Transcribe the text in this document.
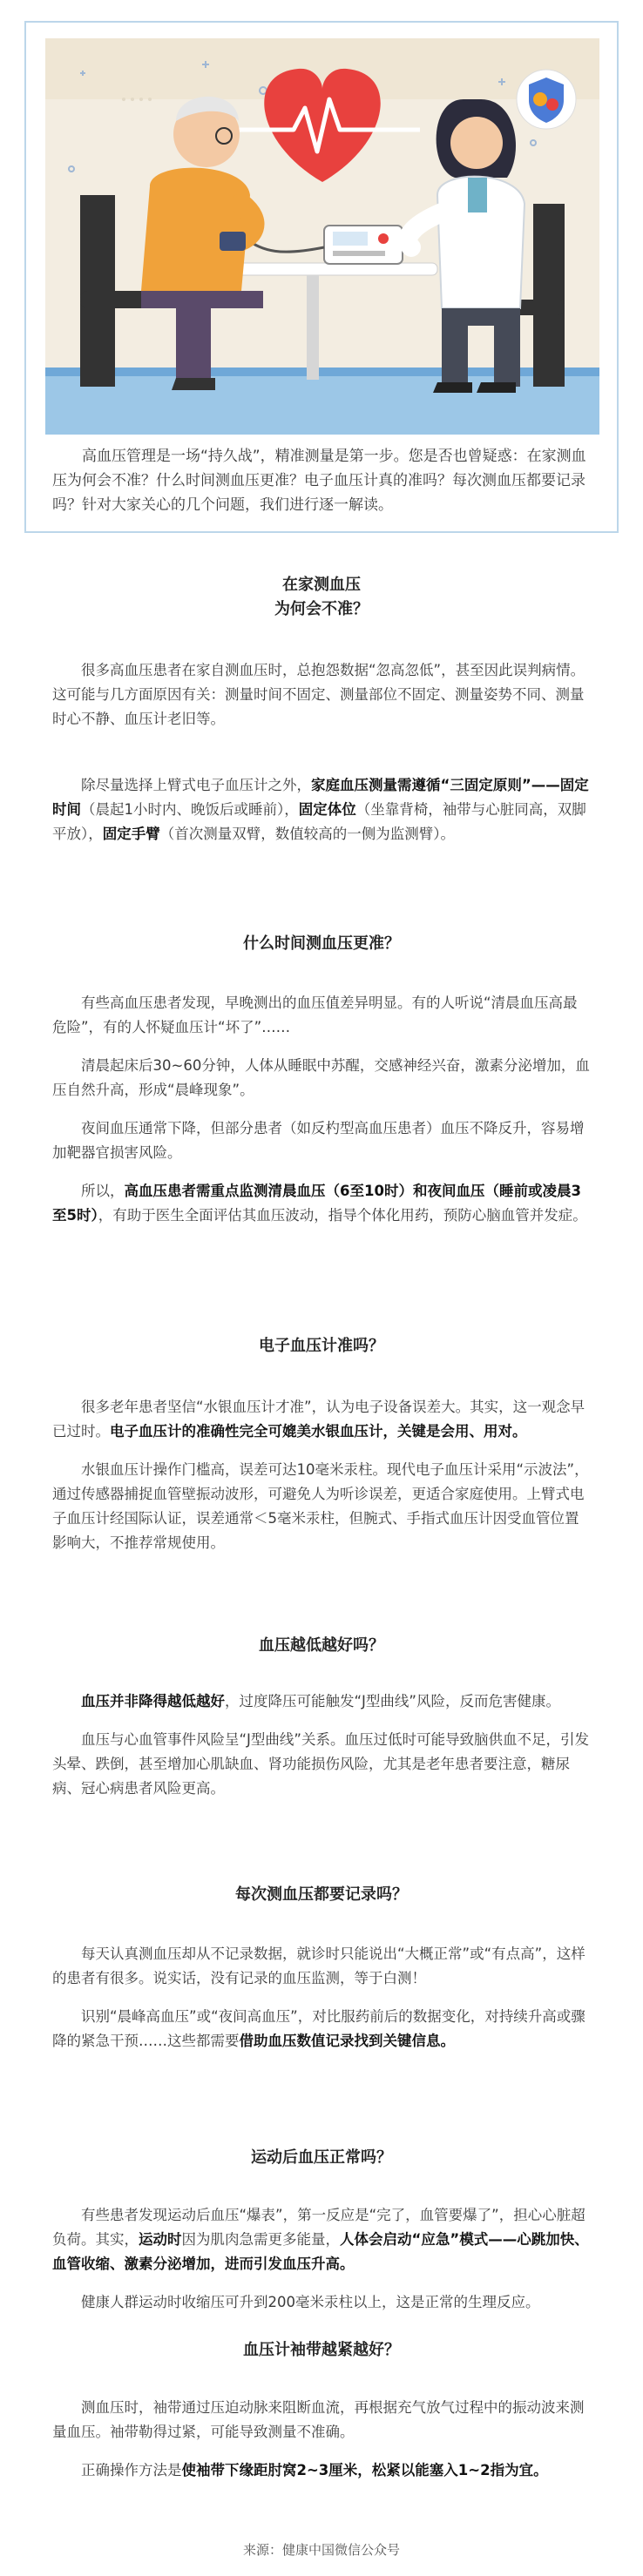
高血压管理是一场“持久战”，精准测量是第一步。您是否也曾疑惑：在家测血压为何会不准？什么时间测血压更准？电子血压计真的准吗？每次测血压都要记录吗？针对大家关心的几个问题，我们进行逐一解读。

在家测血压
为何会不准？

很多高血压患者在家自测血压时，总抱怨数据“忽高忽低”，甚至因此误判病情。这可能与几方面原因有关：测量时间不固定、测量部位不固定、测量姿势不同、测量时心不静、血压计老旧等。

除尽量选择上臂式电子血压计之外，家庭血压测量需遵循“三固定原则”——固定时间（晨起1小时内、晚饭后或睡前），固定体位（坐靠背椅，袖带与心脏同高，双脚平放），固定手臂（首次测量双臂，数值较高的一侧为监测臂）。

什么时间测血压更准？

有些高血压患者发现，早晚测出的血压值差异明显。有的人听说“清晨血压高最危险”，有的人怀疑血压计“坏了”……

清晨起床后30~60分钟，人体从睡眠中苏醒，交感神经兴奋，激素分泌增加，血压自然升高，形成“晨峰现象”。

夜间血压通常下降，但部分患者（如反杓型高血压患者）血压不降反升，容易增加靶器官损害风险。

所以，高血压患者需重点监测清晨血压（6至10时）和夜间血压（睡前或凌晨3至5时），有助于医生全面评估其血压波动，指导个体化用药，预防心脑血管并发症。

电子血压计准吗？

很多老年患者坚信“水银血压计才准”，认为电子设备误差大。其实，这一观念早已过时。电子血压计的准确性完全可媲美水银血压计，关键是会用、用对。

水银血压计操作门槛高，误差可达10毫米汞柱。现代电子血压计采用“示波法”，通过传感器捕捉血管壁振动波形，可避免人为听诊误差，更适合家庭使用。上臂式电子血压计经国际认证，误差通常＜5毫米汞柱，但腕式、手指式血压计因受血管位置影响大，不推荐常规使用。

血压越低越好吗？

血压并非降得越低越好，过度降压可能触发“J型曲线”风险，反而危害健康。

血压与心血管事件风险呈“J型曲线”关系。血压过低时可能导致脑供血不足，引发头晕、跌倒，甚至增加心肌缺血、肾功能损伤风险，尤其是老年患者要注意，糖尿病、冠心病患者风险更高。

每次测血压都要记录吗？

每天认真测血压却从不记录数据，就诊时只能说出“大概正常”或“有点高”，这样的患者有很多。说实话，没有记录的血压监测，等于白测！

识别“晨峰高血压”或“夜间高血压”，对比服药前后的数据变化，对持续升高或骤降的紧急干预……这些都需要借助血压数值记录找到关键信息。

运动后血压正常吗？

有些患者发现运动后血压“爆表”，第一反应是“完了，血管要爆了”，担心心脏超负荷。其实，运动时因为肌肉急需更多能量，人体会启动“应急”模式——心跳加快、血管收缩、激素分泌增加，进而引发血压升高。

健康人群运动时收缩压可升到200毫米汞柱以上，这是正常的生理反应。

血压计袖带越紧越好？

测血压时，袖带通过压迫动脉来阻断血流，再根据充气放气过程中的振动波来测量血压。袖带勒得过紧，可能导致测量不准确。

正确操作方法是使袖带下缘距肘窝2~3厘米，松紧以能塞入1~2指为宜。

来源：健康中国微信公众号
